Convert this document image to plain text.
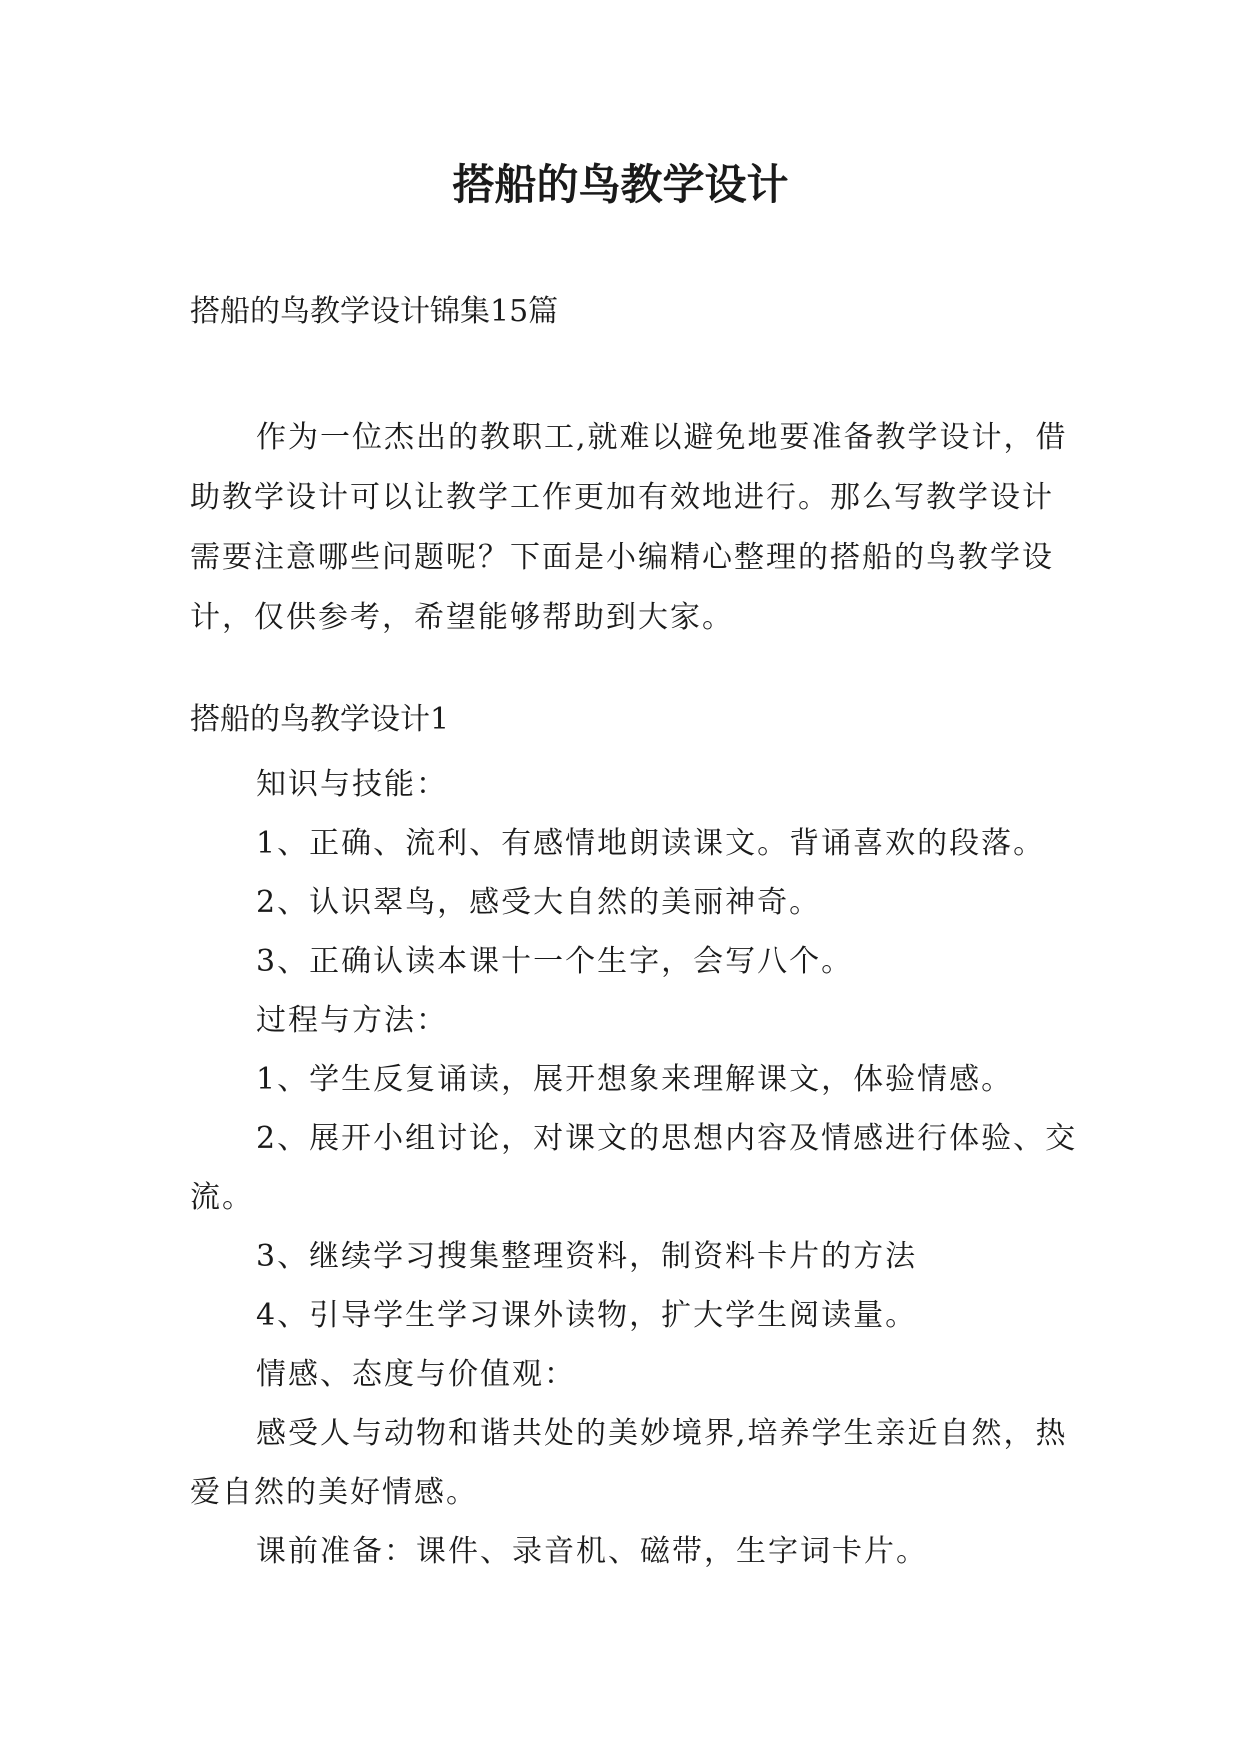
搭船的鸟教学设计

搭船的鸟教学设计锦集15篇

作为一位杰出的教职工,就难以避免地要准备教学设计，借助教学设计可以让教学工作更加有效地进行。那么写教学设计需要注意哪些问题呢？下面是小编精心整理的搭船的鸟教学设计，仅供参考，希望能够帮助到大家。

搭船的鸟教学设计1

知识与技能：

1、正确、流利、有感情地朗读课文。背诵喜欢的段落。

2、认识翠鸟，感受大自然的美丽神奇。

3、正确认读本课十一个生字，会写八个。

过程与方法：

1、学生反复诵读，展开想象来理解课文，体验情感。

2、展开小组讨论，对课文的思想内容及情感进行体验、交流。

3、继续学习搜集整理资料，制资料卡片的方法

4、引导学生学习课外读物，扩大学生阅读量。

情感、态度与价值观：

感受人与动物和谐共处的美妙境界,培养学生亲近自然，热爱自然的美好情感。

课前准备：课件、录音机、磁带，生字词卡片。
